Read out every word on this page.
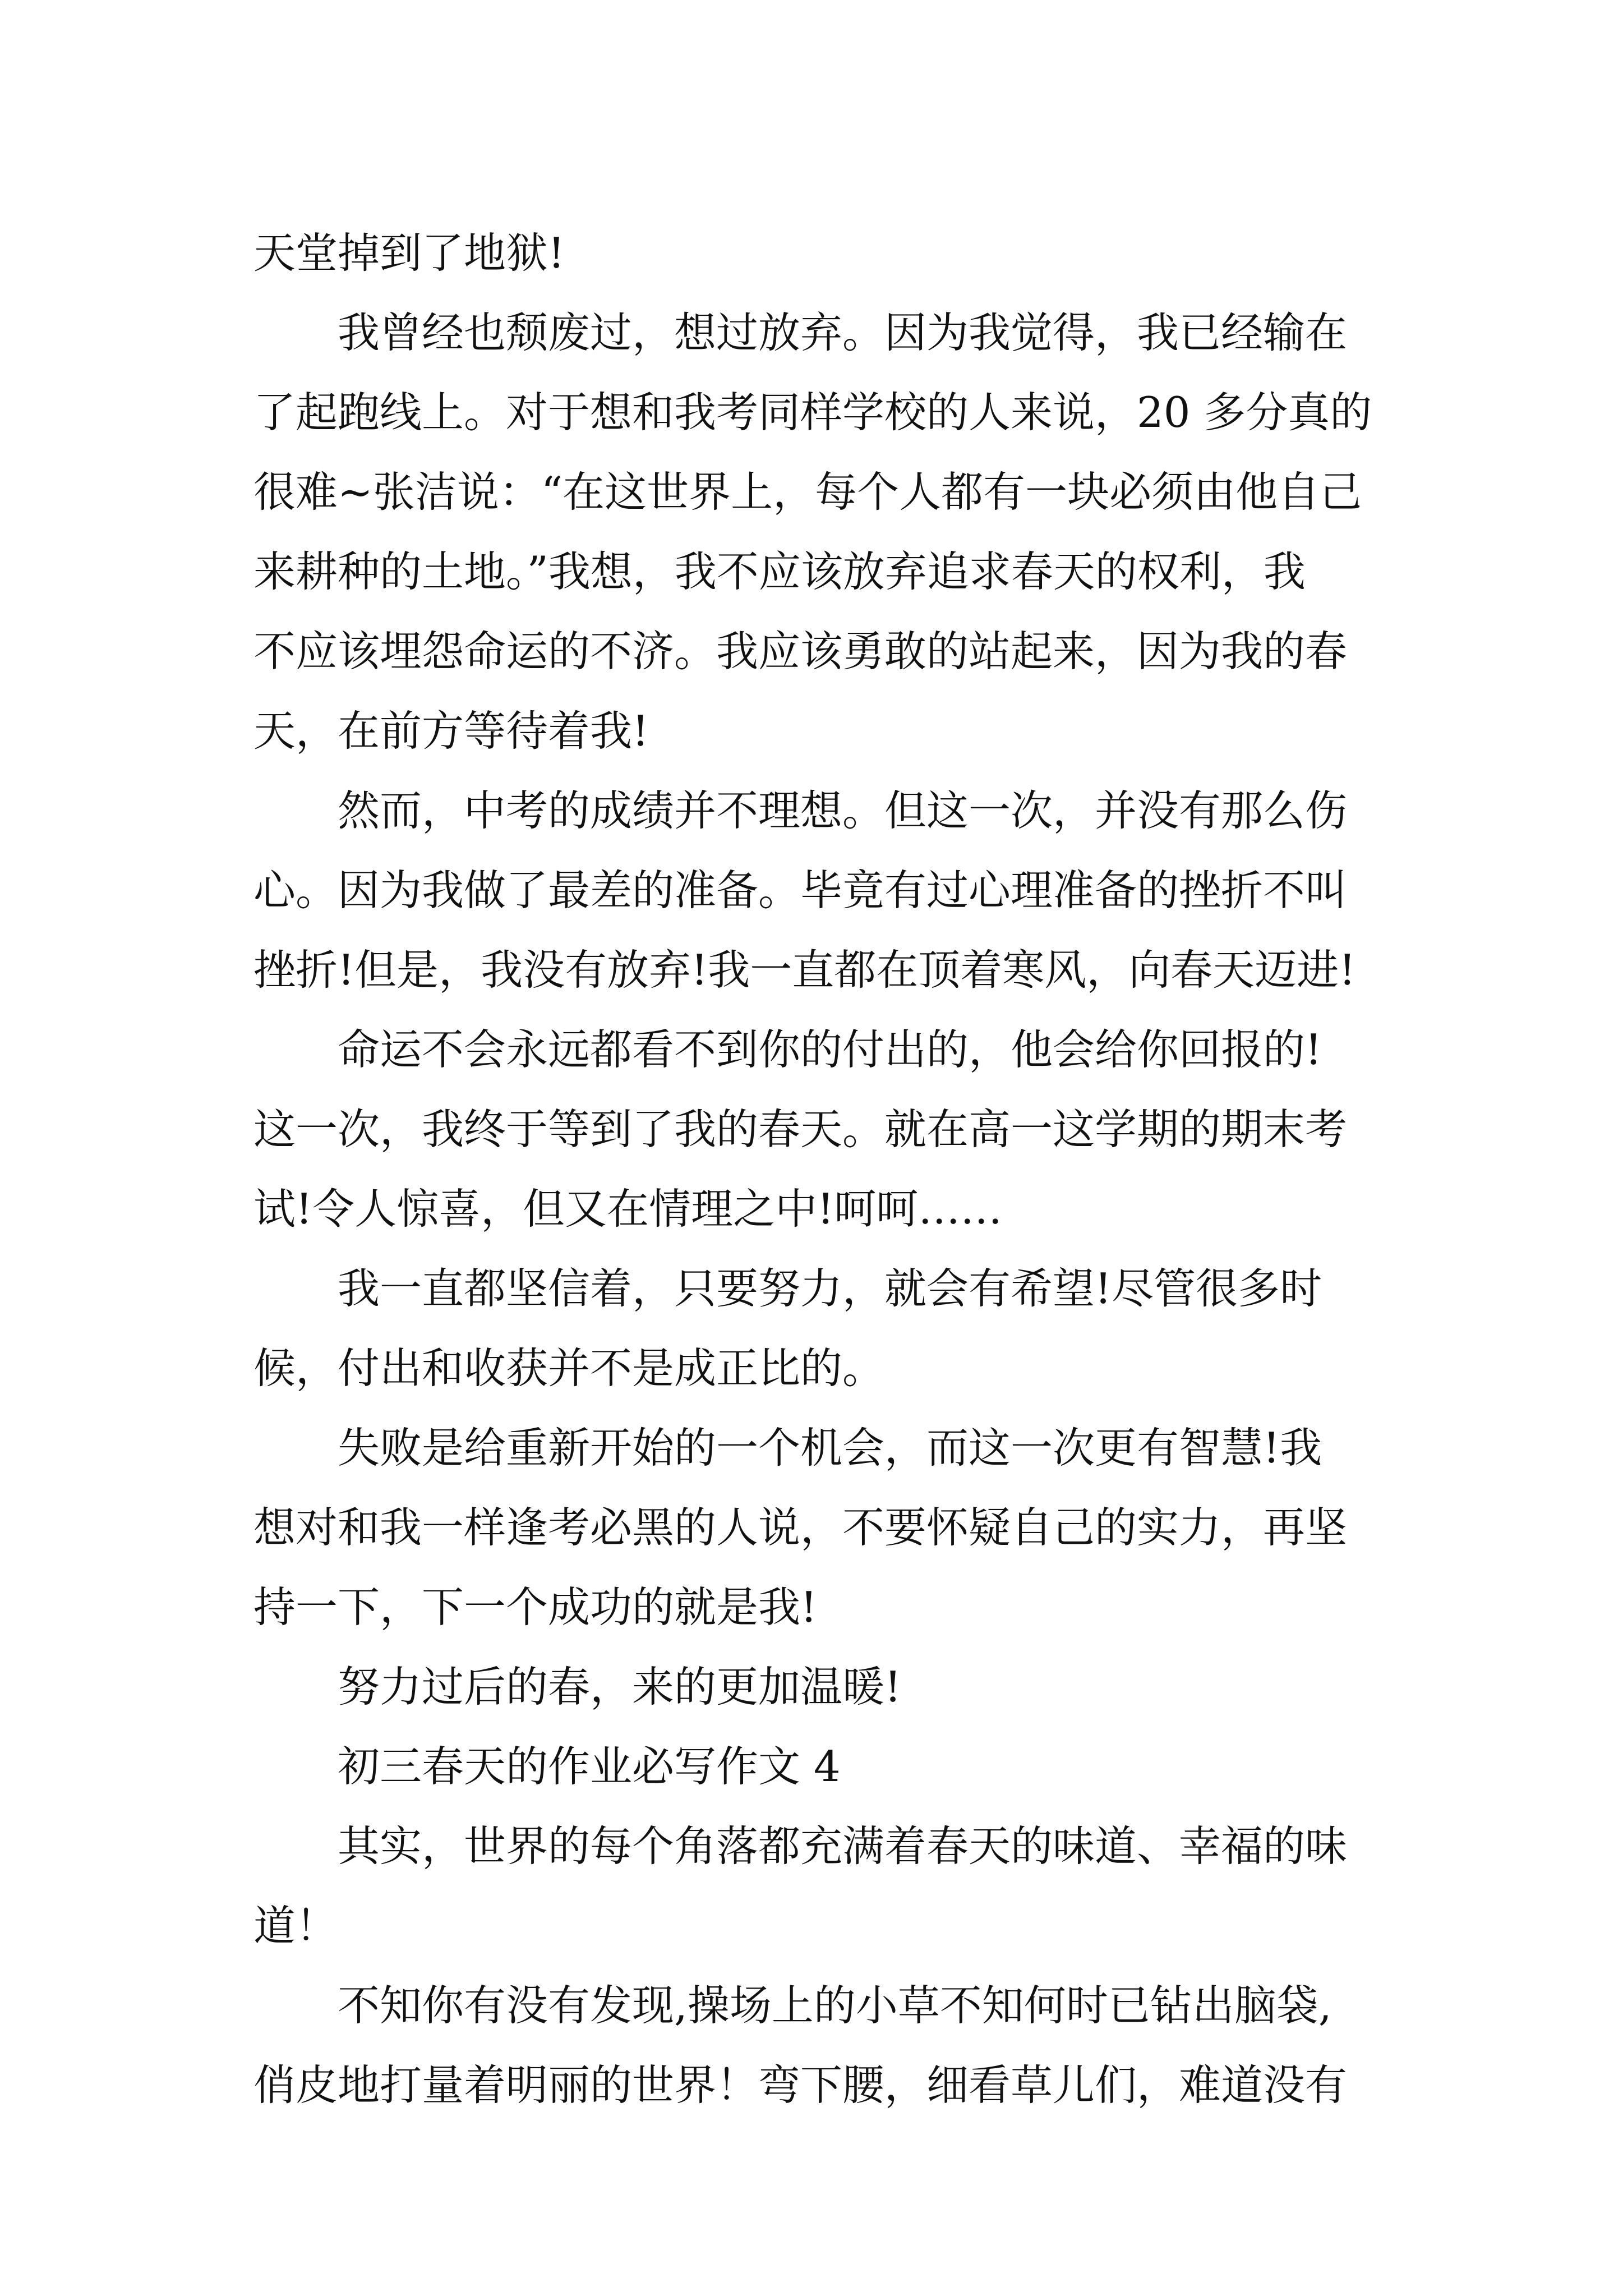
天堂掉到了地狱!
我曾经也颓废过，想过放弃。因为我觉得，我已经输在
了起跑线上。对于想和我考同样学校的人来说，20 多分真的
很难~张洁说：“在这世界上，每个人都有一块必须由他自己
来耕种的土地。”我想，我不应该放弃追求春天的权利，我
不应该埋怨命运的不济。我应该勇敢的站起来，因为我的春
天，在前方等待着我!
然而，中考的成绩并不理想。但这一次，并没有那么伤
心。因为我做了最差的准备。毕竟有过心理准备的挫折不叫
挫折!但是，我没有放弃!我一直都在顶着寒风，向春天迈进!
命运不会永远都看不到你的付出的，他会给你回报的!
这一次，我终于等到了我的春天。就在高一这学期的期末考
试!令人惊喜，但又在情理之中!呵呵……
我一直都坚信着，只要努力，就会有希望!尽管很多时
候，付出和收获并不是成正比的。
失败是给重新开始的一个机会，而这一次更有智慧!我
想对和我一样逢考必黑的人说，不要怀疑自己的实力，再坚
持一下，下一个成功的就是我!
努力过后的春，来的更加温暖!
初三春天的作业必写作文 4
其实，世界的每个角落都充满着春天的味道、幸福的味
道！
不知你有没有发现,操场上的小草不知何时已钻出脑袋,
俏皮地打量着明丽的世界！弯下腰，细看草儿们，难道没有
